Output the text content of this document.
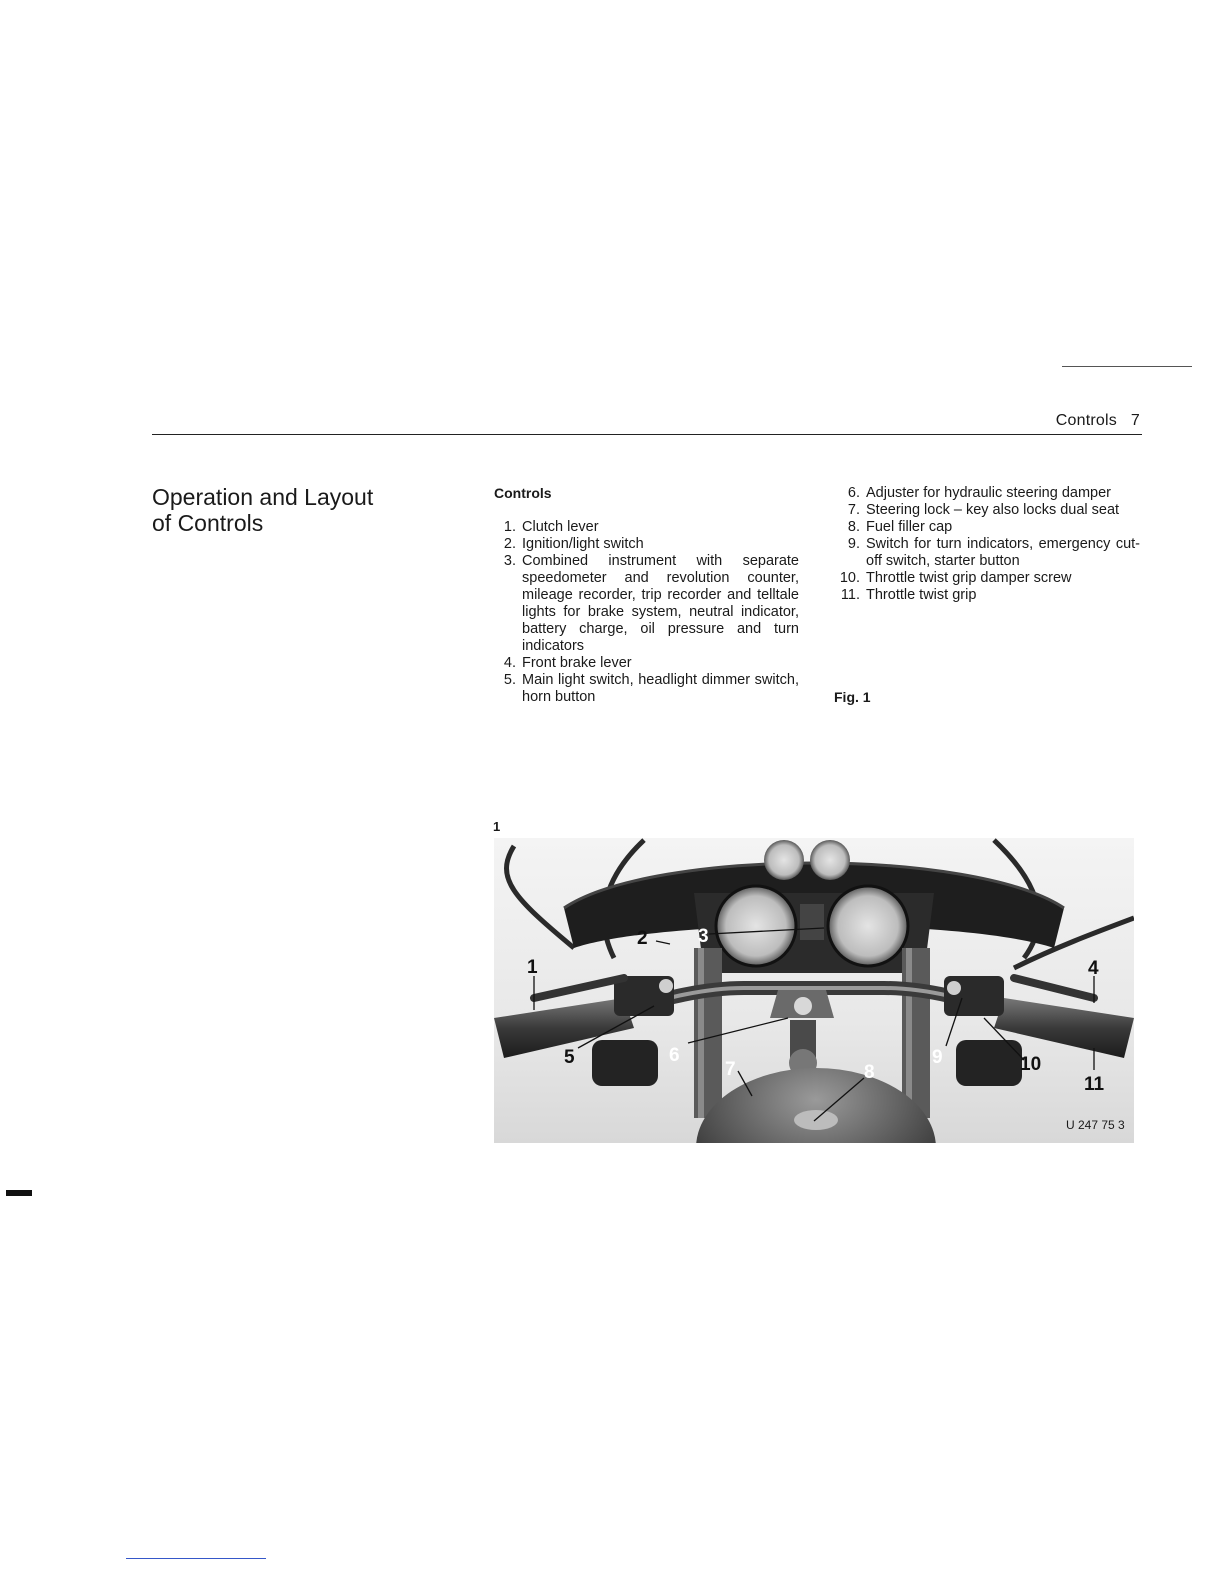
Controls 7
Operation and Layout
of Controls
Controls
1. Clutch lever
2. Ignition/light switch
3. Combined instrument with separate speedometer and revolution counter, mileage recorder, trip recorder and telltale lights for brake system, neutral indicator, battery charge, oil pressure and turn indicators
4. Front brake lever
5. Main light switch, headlight dimmer switch, horn button
6. Adjuster for hydraulic steering damper
7. Steering lock – key also locks dual seat
8. Fuel filler cap
9. Switch for turn indicators, emergency cut-off switch, starter button
10. Throttle twist grip damper screw
11. Throttle twist grip
Fig. 1
1
1
2	3
4
5	6
7	8
9	10
11
U 247 75 3
